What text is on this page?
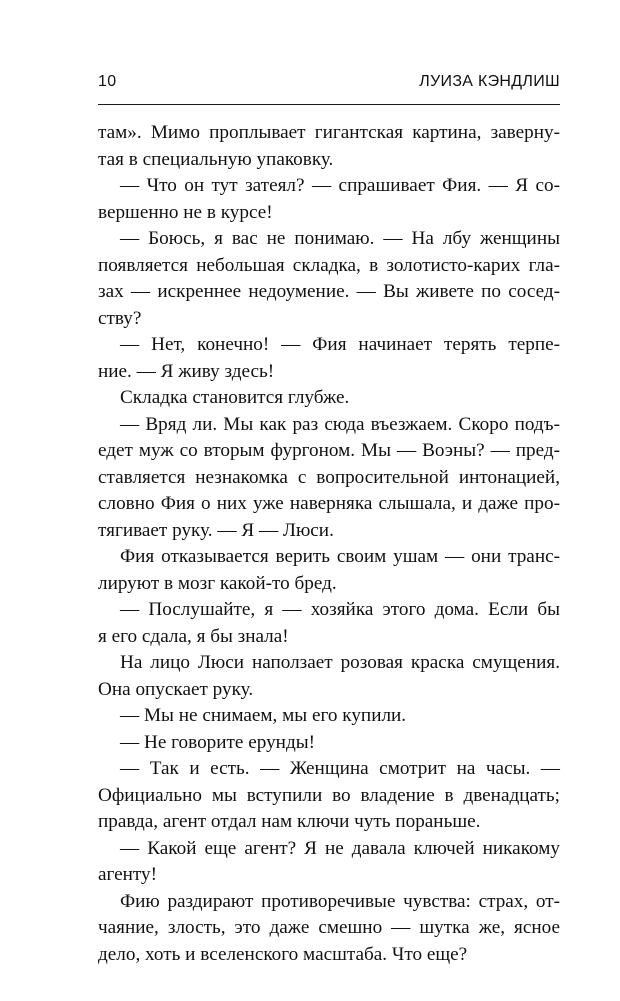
10	ЛУИЗА КЭНДЛИШ
там». Мимо проплывает гигантская картина, завернy-
тая в специальную упаковку.
— Что он тут затеял? — спрашивает Фия. — Я со-
вершенно не в курсе!
— Боюсь, я вас не понимаю. — На лбу женщины
появляется небольшая складка, в золотисто-карих гла-
зах — искреннее недоумение. — Вы живете по сосед-
ству?
— Нет, конечно! — Фия начинает терять терпе-
ние. — Я живу здесь!
Складка становится глубже.
— Вряд ли. Мы как раз сюда въезжаем. Скоро подъ-
едет муж со вторым фургоном. Мы — Воэны? — пред-
ставляется незнакомка с вопросительной интонацией,
словно Фия о них уже наверняка слышала, и даже про-
тягивает руку. — Я — Люси.
Фия отказывается верить своим ушам — они транс-
лируют в мозг какой-то бред.
— Послушайте, я — хозяйка этого дома. Если бы
я его сдала, я бы знала!
На лицо Люси наползает розовая краска смущения.
Она опускает руку.
— Мы не снимаем, мы его купили.
— Не говорите ерунды!
— Так и есть. — Женщина смотрит на часы. —
Официально мы вступили во владение в двенадцать;
правда, агент отдал нам ключи чуть пораньше.
— Какой еще агент? Я не давала ключей никакому
агенту!
Фию раздирают противоречивые чувства: страх, от-
чаяние, злость, это даже смешно — шутка же, ясное
дело, хоть и вселенского масштаба. Что еще?
